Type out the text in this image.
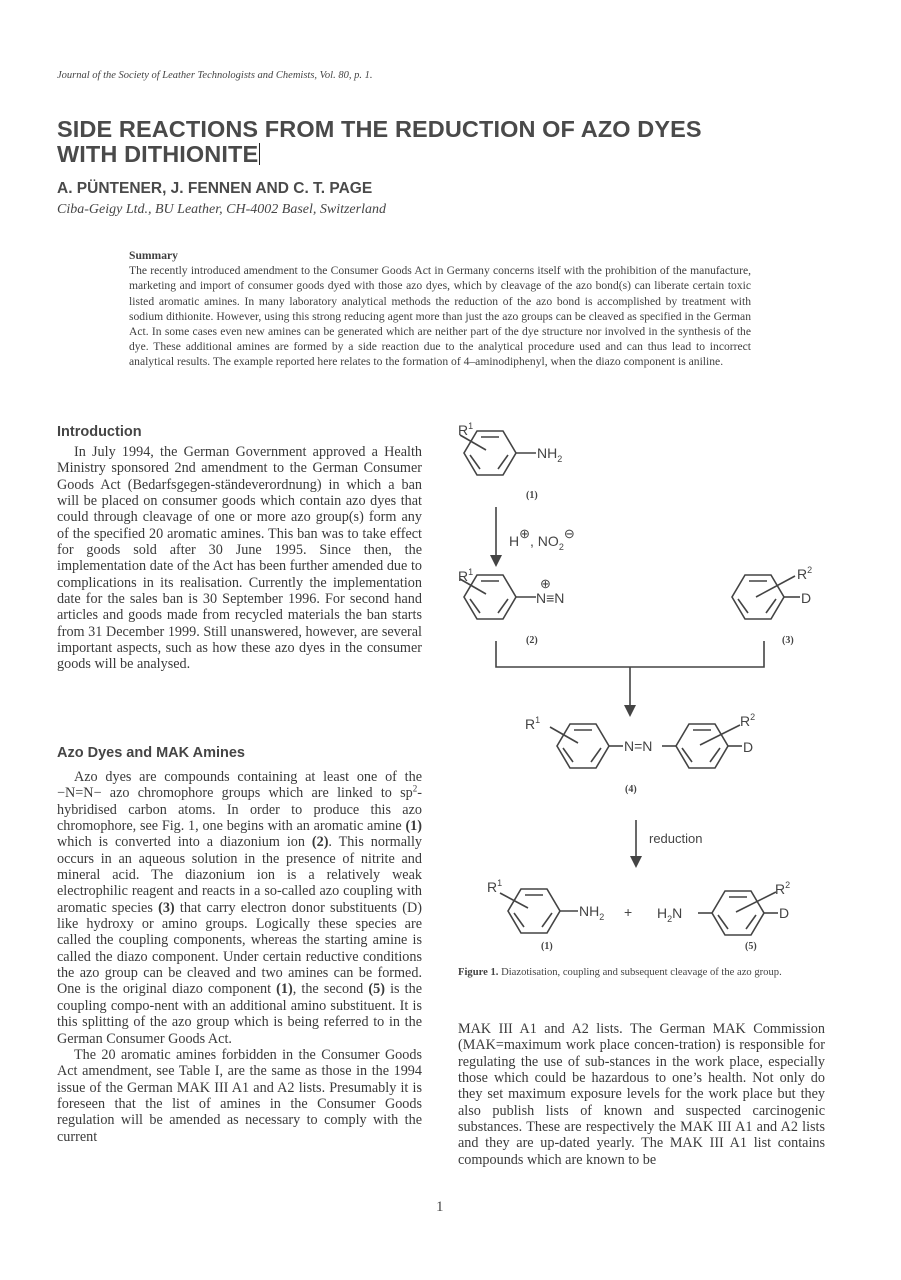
Journal of the Society of Leather Technologists and Chemists, Vol. 80, p. 1.
SIDE REACTIONS FROM THE REDUCTION OF AZO DYES
WITH DITHIONITE
A. PÜNTENER, J. FENNEN AND C. T. PAGE
Ciba-Geigy Ltd., BU Leather, CH-4002 Basel, Switzerland
Summary

The recently introduced amendment to the Consumer Goods Act in Germany concerns itself with the prohibition of the manufacture, marketing and import of consumer goods dyed with those azo dyes, which by cleavage of the azo bond(s) can liberate certain toxic listed aromatic amines. In many laboratory analytical methods the reduction of the azo bond is accomplished by treatment with sodium dithionite. However, using this strong reducing agent more than just the azo groups can be cleaved as specified in the German Act. In some cases even new amines can be generated which are neither part of the dye structure nor involved in the synthesis of the dye. These additional amines are formed by a side reaction due to the analytical procedure used and can thus lead to incorrect analytical results. The example reported here relates to the formation of 4–aminodiphenyl, when the diazo component is aniline.

Introduction

In July 1994, the German Government approved a Health Ministry sponsored 2nd amendment to the German Consumer Goods Act (Bedarfsgegen-ständeverordnung) in which a ban will be placed on consumer goods which contain azo dyes that could through cleavage of one or more azo group(s) form any of the specified 20 aromatic amines. This ban was to take effect for goods sold after 30 June 1995. Since then, the implementation date of the Act has been further amended due to complications in its realisation. Currently the implementation date for the sales ban is 30 September 1996. For second hand articles and goods made from recycled materials the ban starts from 31 December 1999. Still unanswered, however, are several important aspects, such as how these azo dyes in the consumer goods will be analysed.

Azo Dyes and MAK Amines

Azo dyes are compounds containing at least one of the −N=N− azo chromophore groups which are linked to $sp^2$-hybridised carbon atoms. In order to produce this azo chromophore, see Fig. 1, one begins with an aromatic amine (1) which is converted into a diazonium ion (2). This normally occurs in an aqueous solution in the presence of nitrite and mineral acid. The diazonium ion is a relatively weak electrophilic reagent and reacts in a so-called azo coupling with aromatic species (3) that carry electron donor substituents (D) like hydroxy or amino groups. Logically these species are called the coupling components, whereas the starting amine is called the diazo component. Under certain reductive conditions the azo group can be cleaved and two amines can be formed. One is the original diazo component (1), the second (5) is the coupling compo-nent with an additional amino substituent. It is this splitting of the azo group which is being referred to in the German Consumer Goods Act.

The 20 aromatic amines forbidden in the Consumer Goods Act amendment, see Table I, are the same as those in the 1994 issue of the German MAK III A1 and A2 lists. Presumably it is foreseen that the list of amines in the Consumer Goods regulation will be amended as necessary to comply with the current

$R^1$
$NH_2$
(1)
H⊕, $NO_2⊖$
$R^1$
⊕
N≡N
(2)
$R^2$
D
(3)
$R^1$
N=N
$R^2$
D
(4)
reduction
$R^1$
$NH_2 + H_2N$
$R^2$
D
(1)	(5)
Figure 1. Diazotisation, coupling and subsequent cleavage of the azo group.

MAK III A1 and A2 lists. The German MAK Commission (MAK=maximum work place concen-tration) is responsible for regulating the use of sub-stances in the work place, especially those which could be hazardous to one’s health. Not only do they set maximum exposure levels for the work place but they also publish lists of known and suspected carcinogenic substances. These are respectively the MAK III A1 and A2 lists and they are up-dated yearly. The MAK III A1 list contains compounds which are known to be

1
